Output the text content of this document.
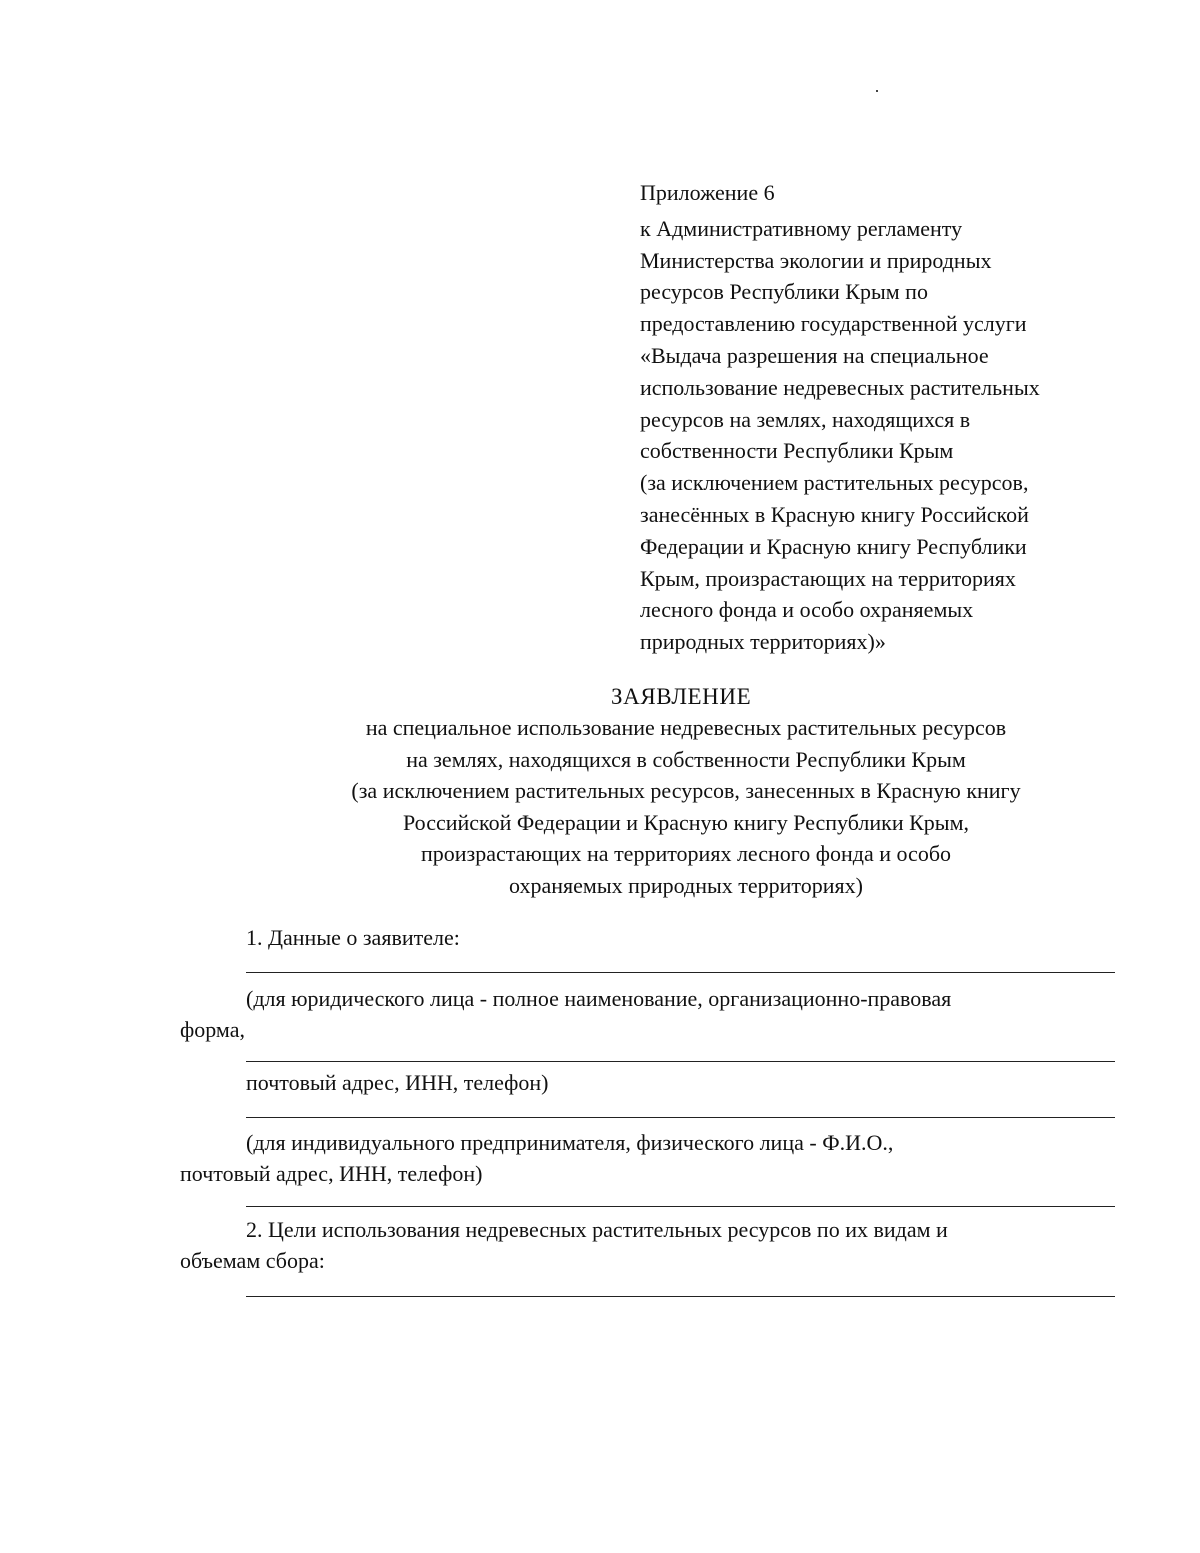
Приложение 6
к Административному регламенту
Министерства экологии и природных
ресурсов Республики Крым по
предоставлению государственной услуги
«Выдача разрешения на специальное
использование недревесных растительных
ресурсов на землях, находящихся в
собственности Республики Крым
(за исключением растительных ресурсов,
занесённых в Красную книгу Российской
Федерации и Красную книгу Республики
Крым, произрастающих на территориях
лесного фонда и особо охраняемых
природных территориях)»
ЗАЯВЛЕНИЕ
на специальное использование недревесных растительных ресурсов
на землях, находящихся в собственности Республики Крым
(за исключением растительных ресурсов, занесенных в Красную книгу
Российской Федерации и Красную книгу Республики Крым,
произрастающих на территориях лесного фонда и особо
охраняемых природных территориях)
1. Данные о заявителе:
(для юридического лица - полное наименование, организационно-правовая
форма,
почтовый адрес, ИНН, телефон)
(для индивидуального предпринимателя, физического лица - Ф.И.О.,
почтовый адрес, ИНН, телефон)
2. Цели использования недревесных растительных ресурсов по их видам и
объемам сбора:
